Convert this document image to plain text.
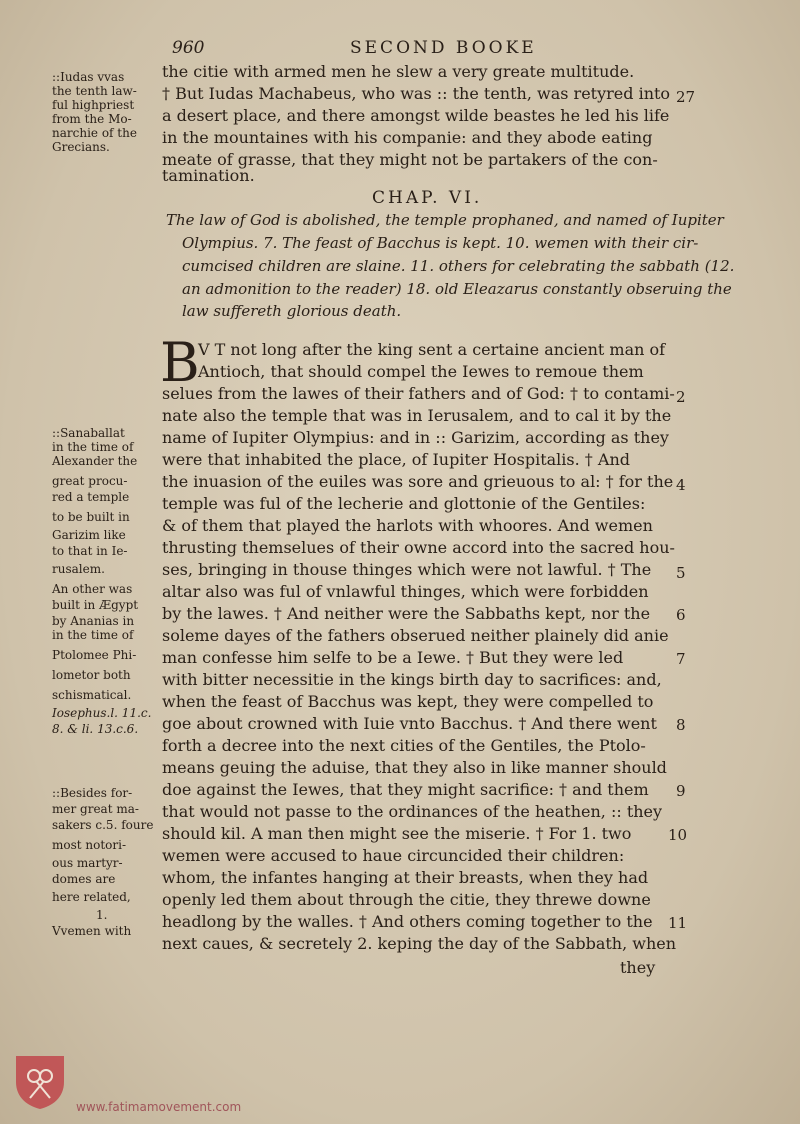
960	SECOND BOOKE
::Iudas vvas
the tenth law-
ful highpriest
from the Mo-
narchie of the
Grecians.
the citie with armed men he slew a very greate multitude.
† But Iudas Machabeus, who was :: the tenth, was retyred into
a desert place, and there amongst wilde beastes he led his life
in the mountaines with his companie: and they abode eating
meate of grasse, that they might not be partakers of the con-
tamination.
27
CHAP. VI.
The law of God is abolished, the temple prophaned, and named of Iupiter
Olympius. 7. The feast of Bacchus is kept. 10. wemen with their cir-
cumcised children are slaine. 11. others for celebrating the sabbath (12.
an admonition to the reader) 18. old Eleazarus constantly obseruing the
law suffereth glorious death.
B
V T not long after the king sent a certaine ancient man of
Antioch, that should compel the Iewes to remoue them
selues from the lawes of their fathers and of God: † to contami-
nate also the temple that was in Ierusalem, and to cal it by the
name of Iupiter Olympius: and in :: Garizim, according as they
were that inhabited the place, of Iupiter Hospitalis. † And
the inuasion of the euiles was sore and grieuous to al: † for the
temple was ful of the lecherie and glottonie of the Gentiles:
& of them that played the harlots with whoores. And wemen
thrusting themselues of their owne accord into the sacred hou-
ses, bringing in thouse thinges which were not lawful. † The
altar also was ful of vnlawful thinges, which were forbidden
by the lawes. † And neither were the Sabbaths kept, nor the
soleme dayes of the fathers obserued neither plainely did anie
man confesse him selfe to be a Iewe. † But they were led
with bitter necessitie in the kings birth day to sacrifices: and,
when the feast of Bacchus was kept, they were compelled to
goe about crowned with Iuie vnto Bacchus. † And there went
forth a decree into the next cities of the Gentiles, the Ptolo-
means geuing the aduise, that they also in like manner should
doe against the Iewes, that they might sacrifice: † and them
that would not passe to the ordinances of the heathen, :: they
should kil. A man then might see the miserie. † For 1. two
wemen were accused to haue circuncided their children:
whom, the infantes hanging at their breasts, when they had
openly led them about through the citie, they threwe downe
headlong by the walles. † And others coming together to the
next caues, & secretely 2. keping the day of the Sabbath, when
they
2
4
5
6
7
8
9
10
11
::Sanaballat
in the time of
Alexander the
great procu-
red a temple
to be built in
Garizim like
to that in Ie-
rusalem.
An other was
built in Ægypt
by Ananias in
in the time of
Ptolomee Phi-
lometor both
schismatical.
Iosephus.l. 11.c.
8. & li. 13.c.6.
::Besides for-
mer great ma-
sakers c.5. foure
most notori-
ous martyr-
domes are
here related,
1.
Vvemen with
www.fatimamovement.com
